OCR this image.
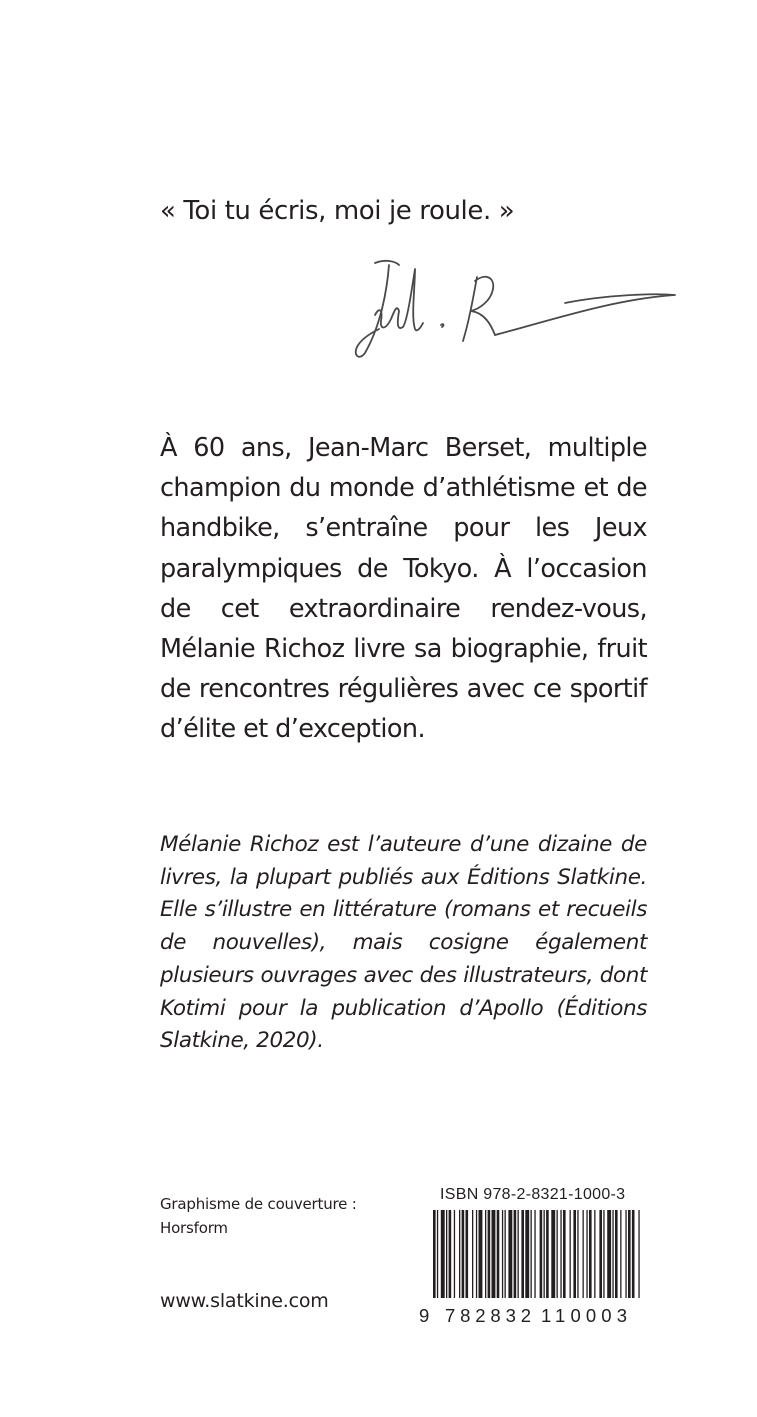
« Toi tu écris, moi je roule. »

À 60 ans, Jean-Marc Berset, multiple champion du monde d’athlétisme et de handbike, s’entraîne pour les Jeux paralympiques de Tokyo. À l’occasion de cet extraordinaire rendez-vous, Mélanie Richoz livre sa biographie, fruit de rencontres régulières avec ce sportif d’élite et d’exception.

Mélanie Richoz est l’auteure d’une dizaine de livres, la plupart publiés aux Éditions Slatkine. Elle s’illustre en littérature (romans et recueils de nouvelles), mais cosigne également plusieurs ouvrages avec des illustrateurs, dont Kotimi pour la publication d’Apollo (Éditions Slatkine, 2020).

Graphisme de couverture :
Horsform
www.slatkine.com
ISBN 978-2-8321-1000-3
9 782832 110003
